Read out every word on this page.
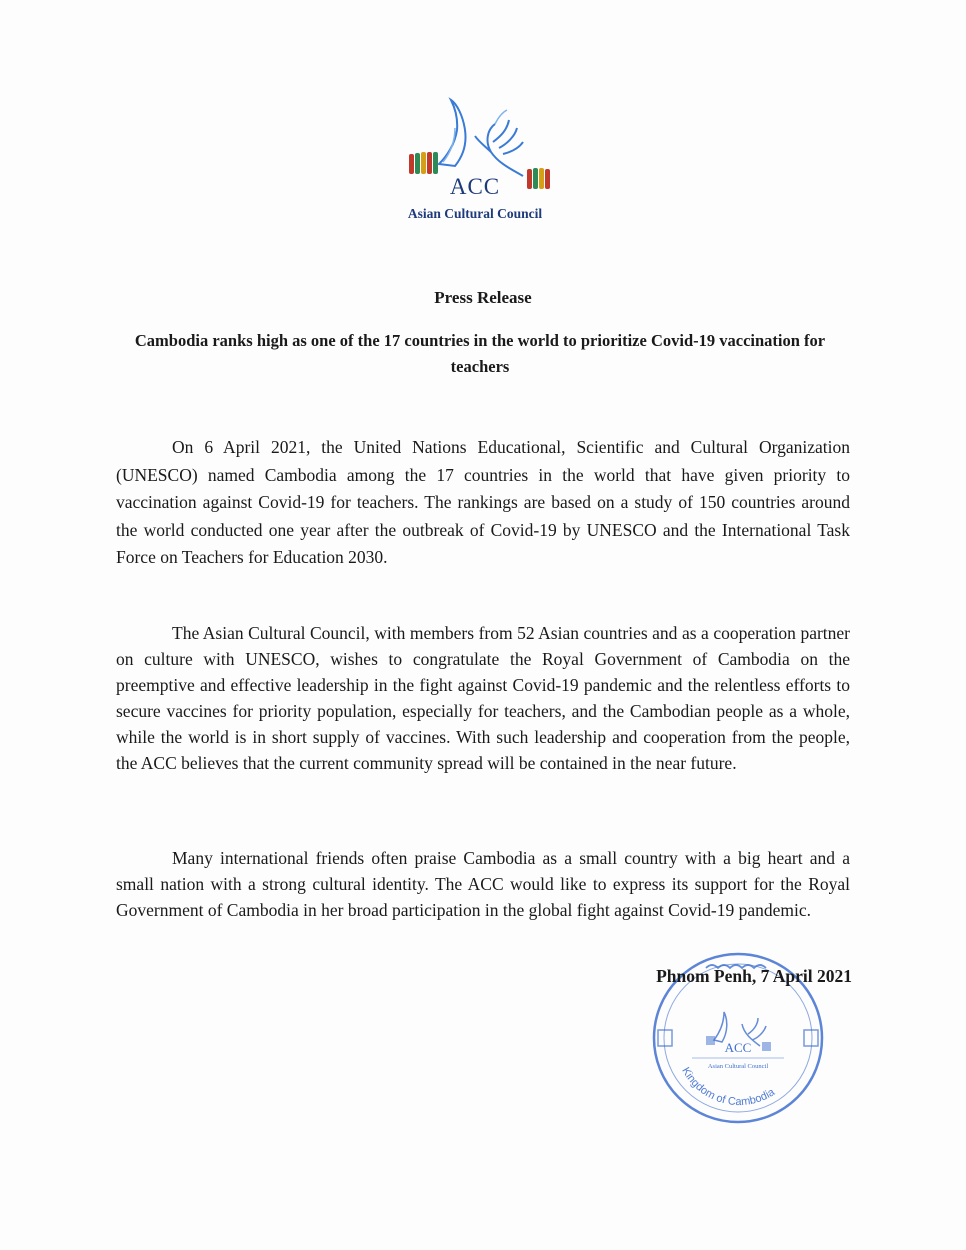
ACC
Asian Cultural Council
Press Release
Cambodia ranks high as one of the 17 countries in the world to prioritize Covid-19 vaccination for teachers

On 6 April 2021, the United Nations Educational, Scientific and Cultural Organization (UNESCO) named Cambodia among the 17 countries in the world that have given priority to vaccination against Covid-19 for teachers. The rankings are based on a study of 150 countries around the world conducted one year after the outbreak of Covid-19 by UNESCO and the International Task Force on Teachers for Education 2030.

The Asian Cultural Council, with members from 52 Asian countries and as a cooperation partner on culture with UNESCO, wishes to congratulate the Royal Government of Cambodia on the preemptive and effective leadership in the fight against Covid-19 pandemic and the relentless efforts to secure vaccines for priority population, especially for teachers, and the Cambodian people as a whole, while the world is in short supply of vaccines. With such leadership and cooperation from the people, the ACC believes that the current community spread will be contained in the near future.

Many international friends often praise Cambodia as a small country with a big heart and a small nation with a strong cultural identity. The ACC would like to express its support for the Royal Government of Cambodia in her broad participation in the global fight against Covid-19 pandemic.

ACC
Asian Cultural Council
Kingdom of Cambodia
Phnom Penh, 7 April 2021
